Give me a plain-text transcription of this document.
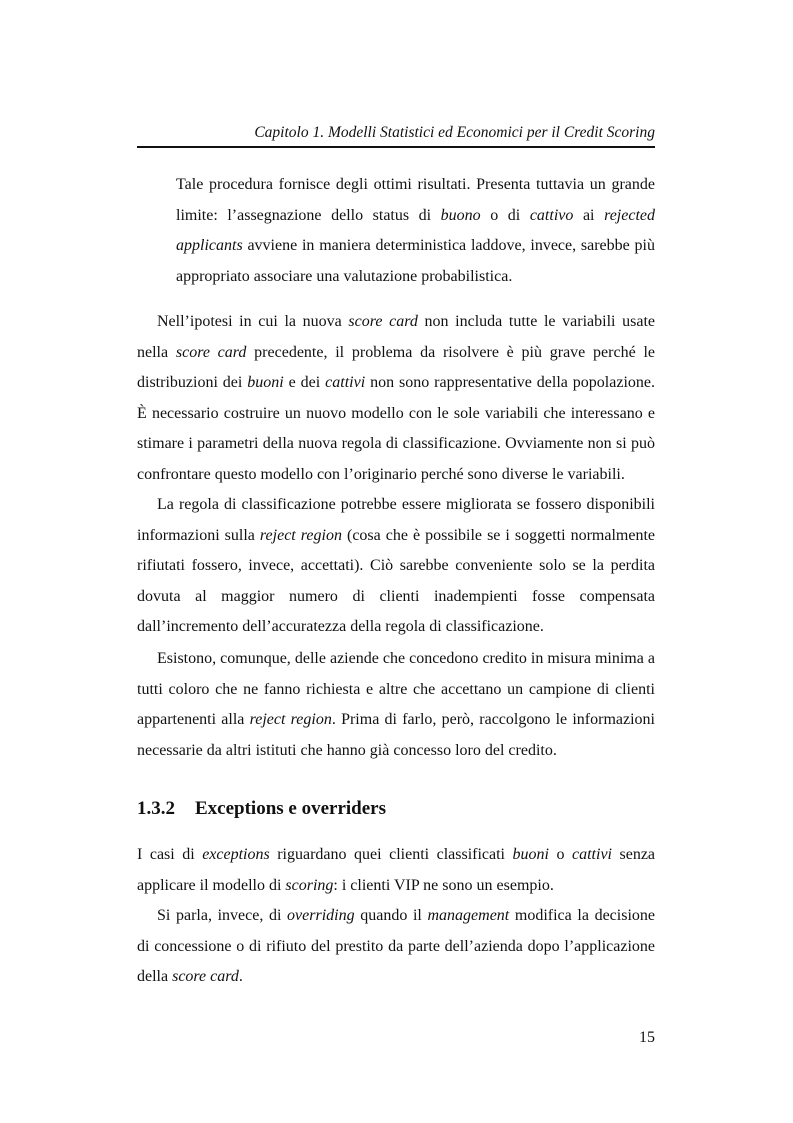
Capitolo 1. Modelli Statistici ed Economici per il Credit Scoring

Tale procedura fornisce degli ottimi risultati. Presenta tuttavia un grande limite: l’assegnazione dello status di buono o di cattivo ai rejected applicants avviene in maniera deterministica laddove, invece, sarebbe più appropriato associare una valutazione probabilistica.

Nell’ipotesi in cui la nuova score card non includa tutte le variabili usate nella score card precedente, il problema da risolvere è più grave perché le distribuzioni dei buoni e dei cattivi non sono rappresentative della popolazione. È necessario costruire un nuovo modello con le sole variabili che interessano e stimare i parametri della nuova regola di classificazione. Ovviamente non si può confrontare questo modello con l’originario perché sono diverse le variabili.

La regola di classificazione potrebbe essere migliorata se fossero disponibili informazioni sulla reject region (cosa che è possibile se i soggetti normalmente rifiutati fossero, invece, accettati). Ciò sarebbe conveniente solo se la perdita dovuta al maggior numero di clienti inadempienti fosse compensata dall’incremento dell’accuratezza della regola di classificazione.

Esistono, comunque, delle aziende che concedono credito in misura minima a tutti coloro che ne fanno richiesta e altre che accettano un campione di clienti appartenenti alla reject region. Prima di farlo, però, raccolgono le informazioni necessarie da altri istituti che hanno già concesso loro del credito.

1.3.2 Exceptions e overriders

I casi di exceptions riguardano quei clienti classificati buoni o cattivi senza applicare il modello di scoring: i clienti VIP ne sono un esempio.

Si parla, invece, di overriding quando il management modifica la decisione di concessione o di rifiuto del prestito da parte dell’azienda dopo l’applicazione della score card.

15
